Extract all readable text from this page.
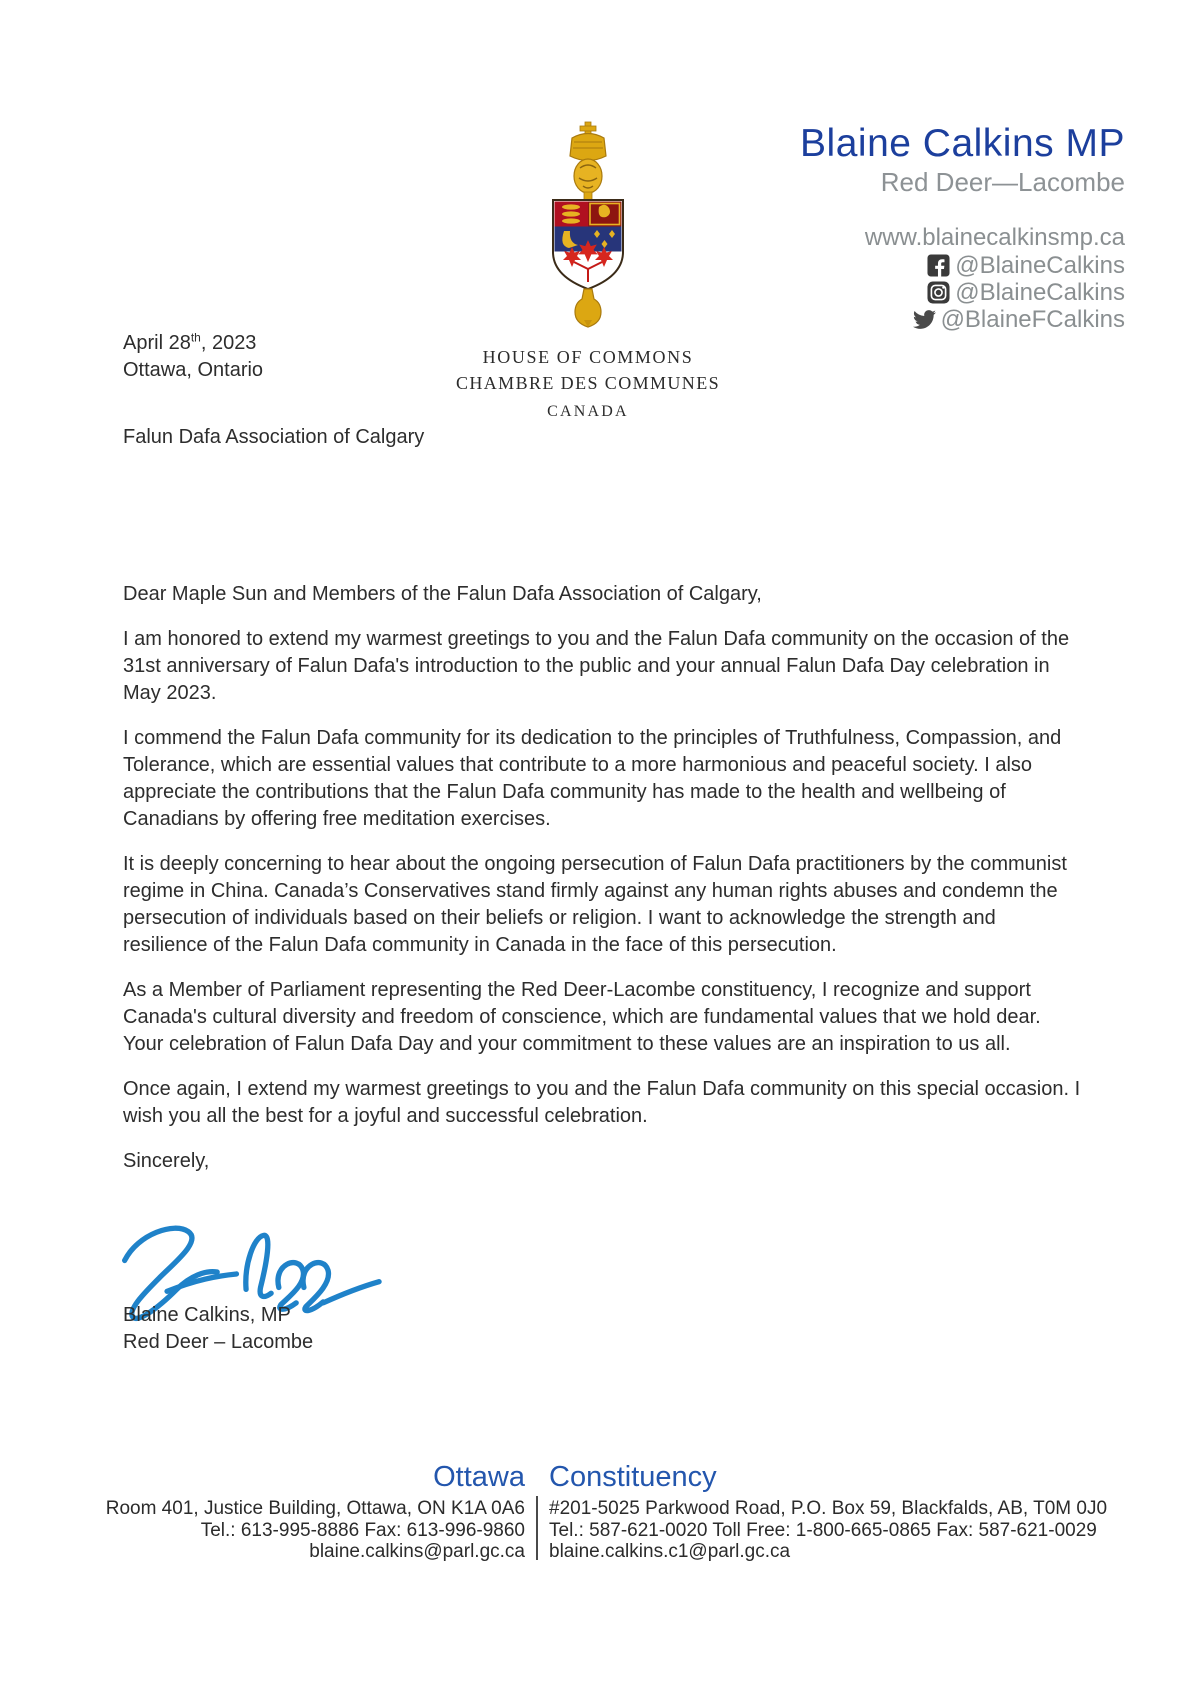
HOUSE OF COMMONS
CHAMBRE DES COMMUNES
CANADA
Blaine Calkins MP
Red Deer—Lacombe
www.blainecalkinsmp.ca
@BlaineCalkins
@BlaineCalkins
@BlaineFCalkins
April 28th, 2023
Ottawa, Ontario
Falun Dafa Association of Calgary

Dear Maple Sun and Members of the Falun Dafa Association of Calgary,

I am honored to extend my warmest greetings to you and the Falun Dafa community on the occasion of the 31st anniversary of Falun Dafa's introduction to the public and your annual Falun Dafa Day celebration in May 2023.

I commend the Falun Dafa community for its dedication to the principles of Truthfulness, Compassion, and Tolerance, which are essential values that contribute to a more harmonious and peaceful society. I also appreciate the contributions that the Falun Dafa community has made to the health and wellbeing of Canadians by offering free meditation exercises.

It is deeply concerning to hear about the ongoing persecution of Falun Dafa practitioners by the communist regime in China. Canada’s Conservatives stand firmly against any human rights abuses and condemn the persecution of individuals based on their beliefs or religion. I want to acknowledge the strength and resilience of the Falun Dafa community in Canada in the face of this persecution.

As a Member of Parliament representing the Red Deer-Lacombe constituency, I recognize and support Canada's cultural diversity and freedom of conscience, which are fundamental values that we hold dear. Your celebration of Falun Dafa Day and your commitment to these values are an inspiration to us all.

Once again, I extend my warmest greetings to you and the Falun Dafa community on this special occasion. I wish you all the best for a joyful and successful celebration.

Sincerely,

Blaine Calkins, MP
Red Deer – Lacombe
Ottawa
Room 401, Justice Building, Ottawa, ON K1A 0A6
Tel.: 613-995-8886 Fax: 613-996-9860
blaine.calkins@parl.gc.ca
Constituency
#201-5025 Parkwood Road, P.O. Box 59, Blackfalds, AB, T0M 0J0
Tel.: 587-621-0020 Toll Free: 1-800-665-0865 Fax: 587-621-0029
blaine.calkins.c1@parl.gc.ca
